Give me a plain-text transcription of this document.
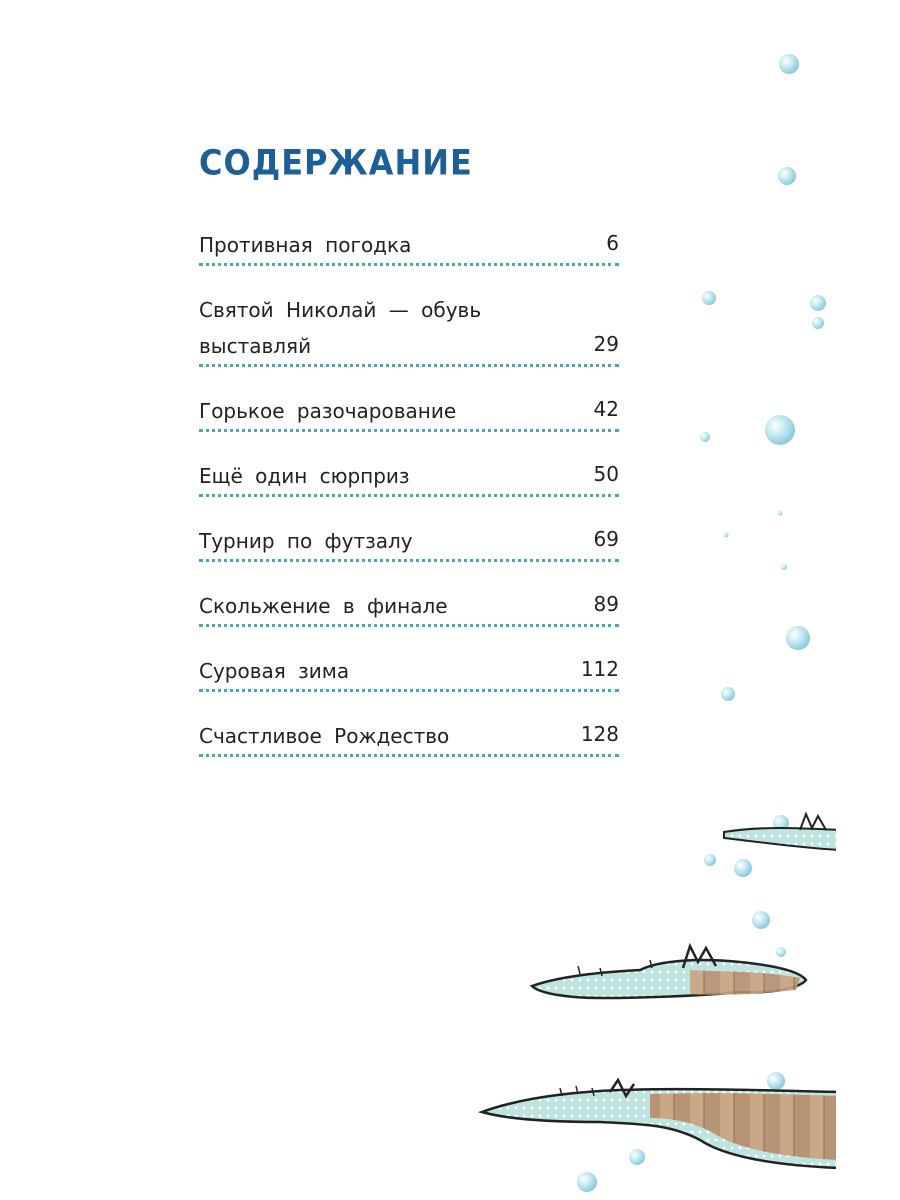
СОДЕРЖАНИЕ
Противная погодка	6
Святой Николай — обувь выставляй	29
Горькое разочарование	42
Ещё один сюрприз	50
Турнир по футзалу	69
Скольжение в финале	89
Суровая зима	112
Счастливое Рождество	128
